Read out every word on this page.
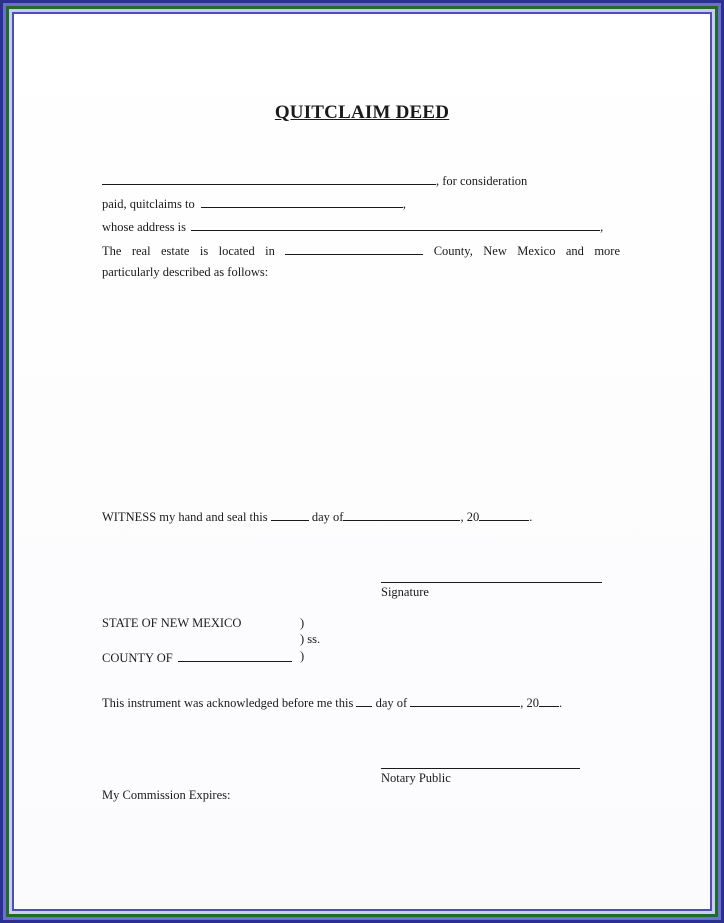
QUITCLAIM DEED
, for consideration
paid, quitclaims to	,
whose address is	,
The real estate is located in	County, New Mexico and more
particularly described as follows:
WITNESS my hand and seal this	day of	, 20	.
Signature
STATE OF NEW MEXICO	)
) ss.
COUNTY OF	)
This instrument was acknowledged before me this day of	, 20 .
Notary Public
My Commission Expires:
